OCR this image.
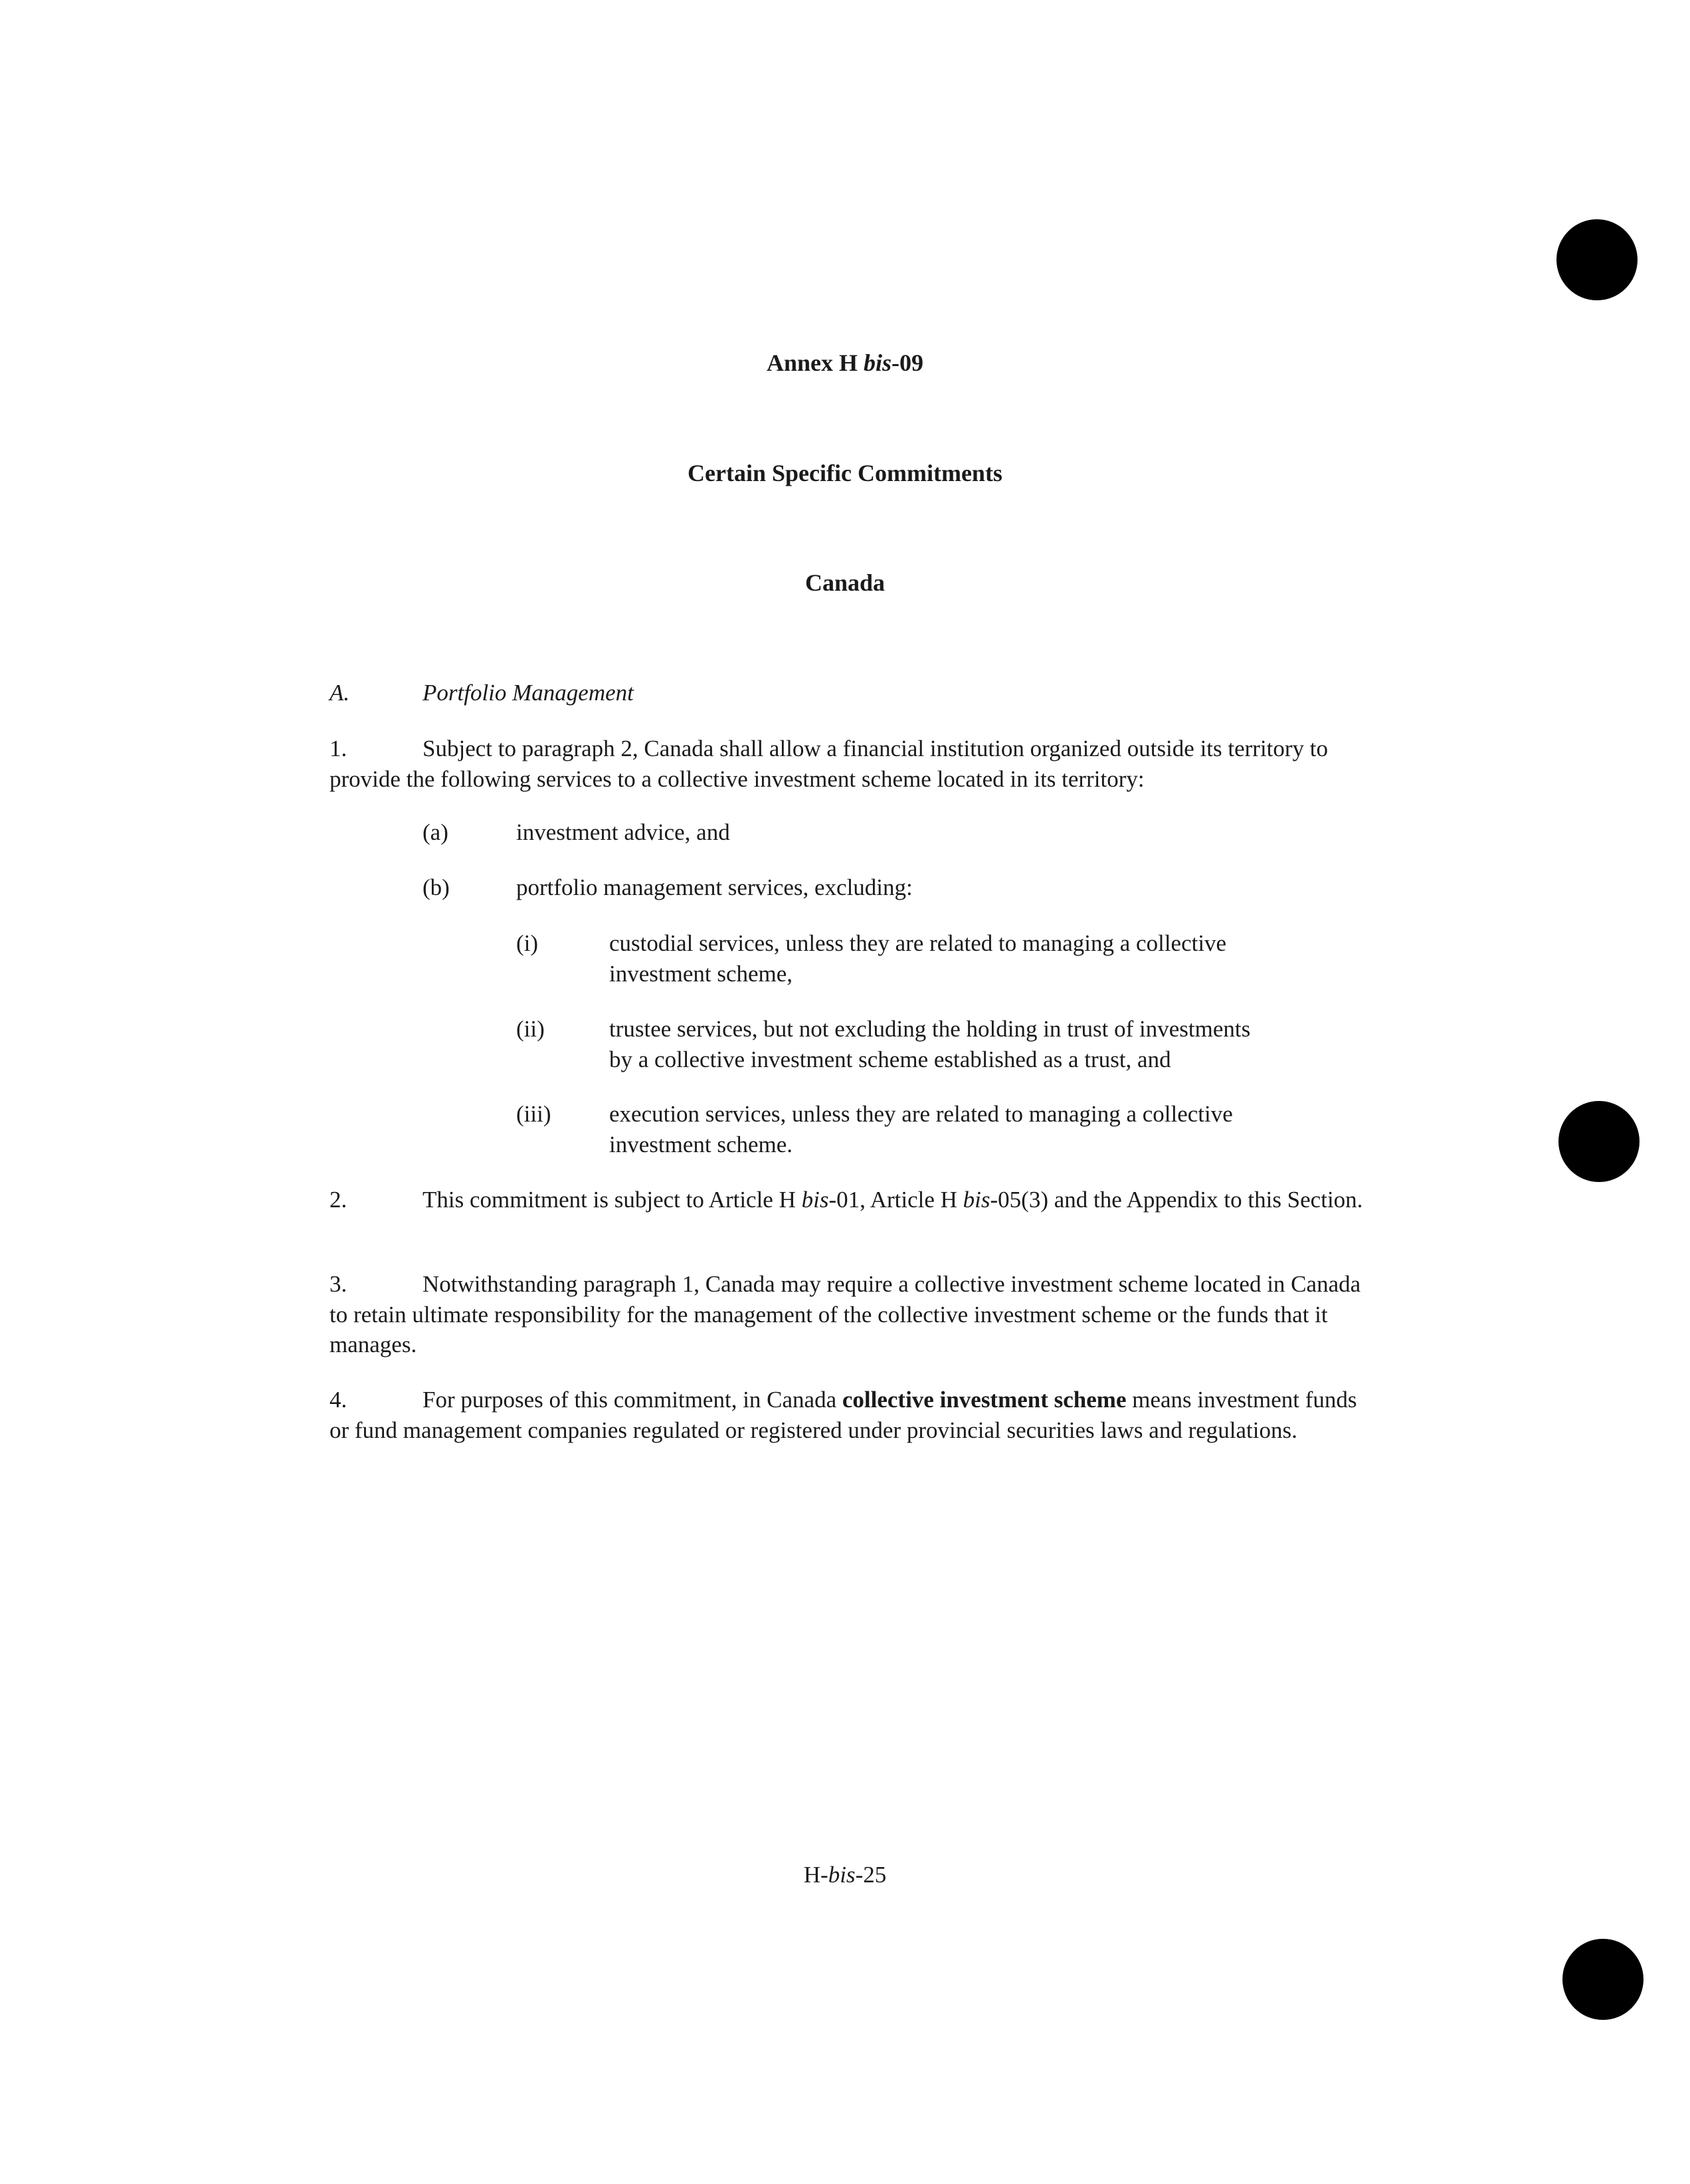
Annex H bis-09
Certain Specific Commitments
Canada
A.	Portfolio Management
1.	Subject to paragraph 2, Canada shall allow a financial institution organized outside its territory to provide the following services to a collective investment scheme located in its territory:
(a)	investment advice, and
(b)	portfolio management services, excluding:
(i)	custodial services, unless they are related to managing a collective
investment scheme,
(ii)	trustee services, but not excluding the holding in trust of investments
by a collective investment scheme established as a trust, and
(iii)	execution services, unless they are related to managing a collective
investment scheme.
2.	This commitment is subject to Article H bis-01, Article H bis-05(3) and the Appendix to this Section.
3.	Notwithstanding paragraph 1, Canada may require a collective investment scheme located in Canada to retain ultimate responsibility for the management of the collective investment scheme or the funds that it manages.
4.	For purposes of this commitment, in Canada collective investment scheme means investment funds or fund management companies regulated or registered under provincial securities laws and regulations.
H-bis-25
